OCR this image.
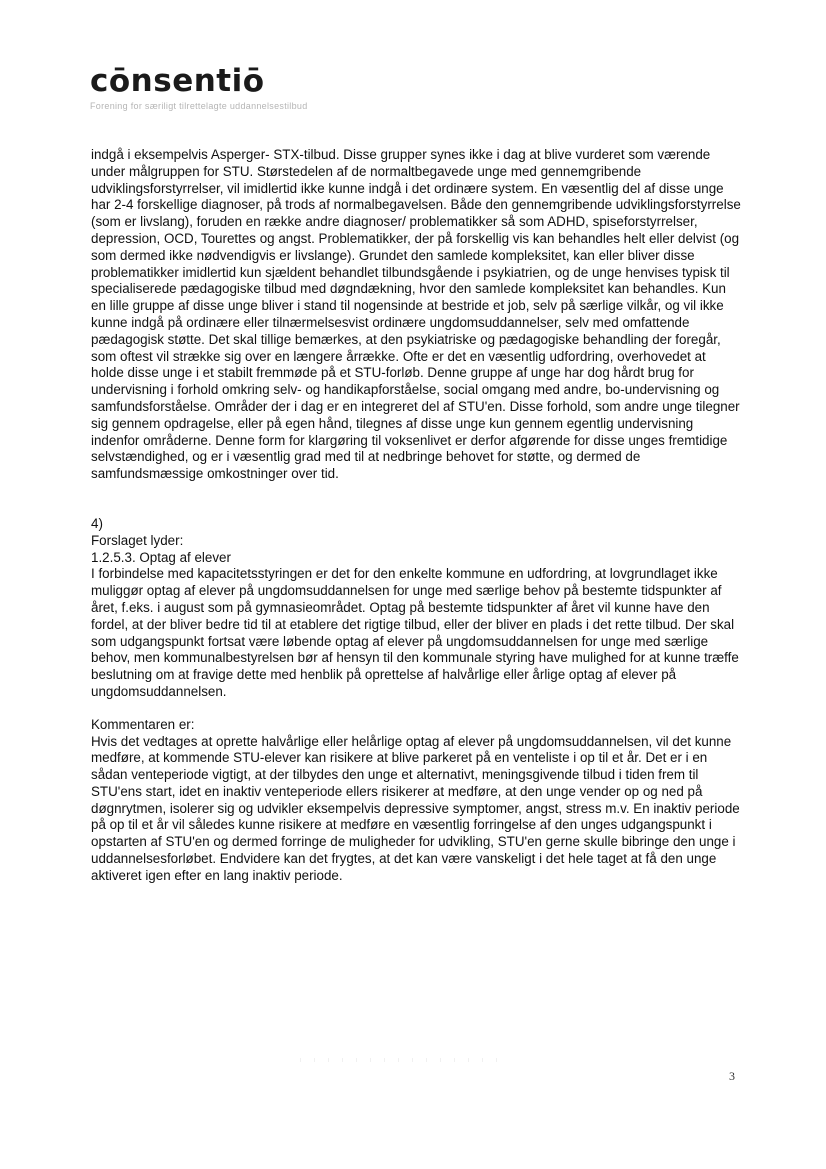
cōnsentiō
Forening for særiligt tilrettelagte uddannelsestilbud

indgå i eksempelvis Asperger- STX-tilbud. Disse grupper synes ikke i dag at blive vurderet som værende under målgruppen for STU. Størstedelen af de normaltbegavede unge med gennemgribende udviklingsforstyrrelser, vil imidlertid ikke kunne indgå i det ordinære system. En væsentlig del af disse unge har 2-4 forskellige diagnoser, på trods af normalbegavelsen. Både den gennemgribende udviklingsforstyrrelse (som er livslang), foruden en række andre diagnoser/ problematikker så som ADHD, spiseforstyrrelser, depression, OCD, Tourettes og angst. Problematikker, der på forskellig vis kan behandles helt eller delvist (og som dermed ikke nødvendigvis er livslange). Grundet den samlede kompleksitet, kan eller bliver disse problematikker imidlertid kun sjældent behandlet tilbundsgående i psykiatrien, og de unge henvises typisk til specialiserede pædagogiske tilbud med døgndækning, hvor den samlede kompleksitet kan behandles. Kun en lille gruppe af disse unge bliver i stand til nogensinde at bestride et job, selv på særlige vilkår, og vil ikke kunne indgå på ordinære eller tilnærmelsesvist ordinære ungdomsuddannelser, selv med omfattende pædagogisk støtte. Det skal tillige bemærkes, at den psykiatriske og pædagogiske behandling der foregår, som oftest vil strække sig over en længere årrække. Ofte er det en væsentlig udfordring, overhovedet at holde disse unge i et stabilt fremmøde på et STU-forløb. Denne gruppe af unge har dog hårdt brug for undervisning i forhold omkring selv- og handikapforståelse, social omgang med andre, bo-undervisning og samfundsforståelse. Områder der i dag er en integreret del af STU'en. Disse forhold, som andre unge tilegner sig gennem opdragelse, eller på egen hånd, tilegnes af disse unge kun gennem egentlig undervisning indenfor områderne. Denne form for klargøring til voksenlivet er derfor afgørende for disse unges fremtidige selvstændighed, og er i væsentlig grad med til at nedbringe behovet for støtte, og dermed de samfundsmæssige omkostninger over tid.

4)

Forslaget lyder:

1.2.5.3. Optag af elever

I forbindelse med kapacitetsstyringen er det for den enkelte kommune en udfordring, at lovgrundlaget ikke muliggør optag af elever på ungdomsuddannelsen for unge med særlige behov på bestemte tidspunkter af året, f.eks. i august som på gymnasieområdet. Optag på bestemte tidspunkter af året vil kunne have den fordel, at der bliver bedre tid til at etablere det rigtige tilbud, eller der bliver en plads i det rette tilbud. Der skal som udgangspunkt fortsat være løbende optag af elever på ungdomsuddannelsen for unge med særlige behov, men kommunalbestyrelsen bør af hensyn til den kommunale styring have mulighed for at kunne træffe beslutning om at fravige dette med henblik på oprettelse af halvårlige eller årlige optag af elever på ungdomsuddannelsen.

Kommentaren er:

Hvis det vedtages at oprette halvårlige eller helårlige optag af elever på ungdomsuddannelsen, vil det kunne medføre, at kommende STU-elever kan risikere at blive parkeret på en venteliste i op til et år. Det er i en sådan venteperiode vigtigt, at der tilbydes den unge et alternativt, meningsgivende tilbud i tiden frem til STU'ens start, idet en inaktiv venteperiode ellers risikerer at medføre, at den unge vender op og ned på døgnrytmen, isolerer sig og udvikler eksempelvis depressive symptomer, angst, stress m.v. En inaktiv periode på op til et år vil således kunne risikere at medføre en væsentlig forringelse af den unges udgangspunkt i opstarten af STU'en og dermed forringe de muligheder for udvikling, STU'en gerne skulle bibringe den unge i uddannelsesforløbet. Endvidere kan det frygtes, at det kan være vanskeligt i det hele taget at få den unge aktiveret igen efter en lang inaktiv periode.

3
